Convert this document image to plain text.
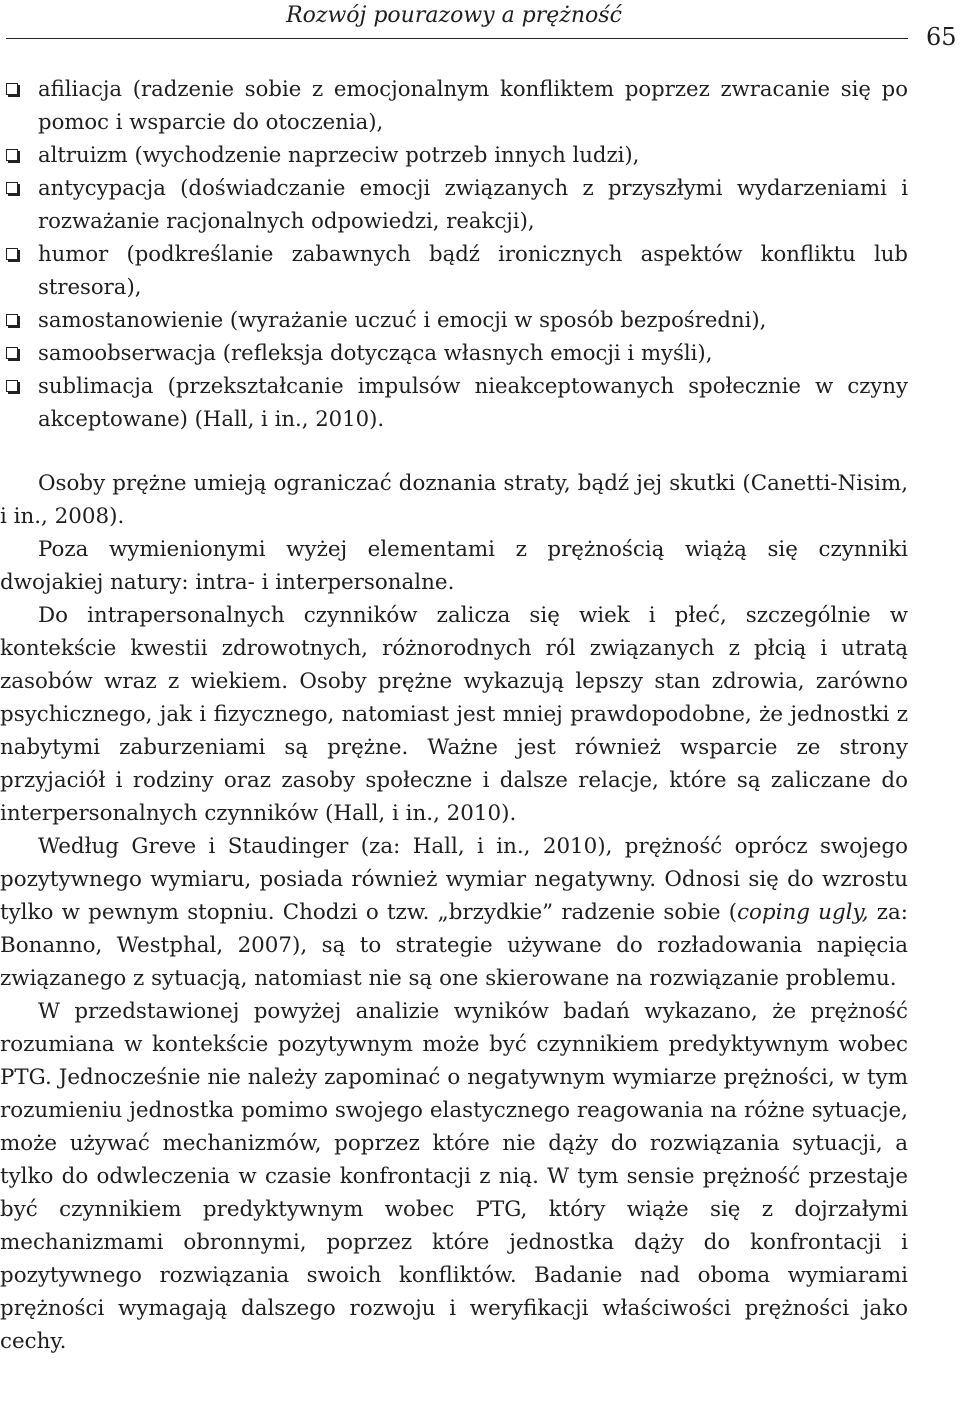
Rozwój pourazowy a prężność
65
afiliacja (radzenie sobie z emocjonalnym konfliktem poprzez zwracanie się po pomoc i wsparcie do otoczenia),
altruizm (wychodzenie naprzeciw potrzeb innych ludzi),
antycypacja (doświadczanie emocji związanych z przyszłymi wydarzeniami i rozważanie racjonalnych odpowiedzi, reakcji),
humor (podkreślanie zabawnych bądź ironicznych aspektów konfliktu lub stresora),
samostanowienie (wyrażanie uczuć i emocji w sposób bezpośredni),
samoobserwacja (refleksja dotycząca własnych emocji i myśli),
sublimacja (przekształcanie impulsów nieakceptowanych społecznie w czyny akceptowane) (Hall, i in., 2010).

Osoby prężne umieją ograniczać doznania straty, bądź jej skutki (Canetti-Nisim, i in., 2008).

Poza wymienionymi wyżej elementami z prężnością wiążą się czynniki dwojakiej natury: intra- i interpersonalne.

Do intrapersonalnych czynników zalicza się wiek i płeć, szczególnie w kontekście kwestii zdrowotnych, różnorodnych ról związanych z płcią i utratą zasobów wraz z wiekiem. Osoby prężne wykazują lepszy stan zdrowia, zarówno psychicznego, jak i fizycznego, natomiast jest mniej prawdopodobne, że jednostki z nabytymi zaburzeniami są prężne. Ważne jest również wsparcie ze strony przyjaciół i rodziny oraz zasoby społeczne i dalsze relacje, które są zaliczane do interpersonalnych czynników (Hall, i in., 2010).

Według Greve i Staudinger (za: Hall, i in., 2010), prężność oprócz swojego pozytywnego wymiaru, posiada również wymiar negatywny. Odnosi się do wzrostu tylko w pewnym stopniu. Chodzi o tzw. „brzydkie” radzenie sobie (coping ugly, za: Bonanno, Westphal, 2007), są to strategie używane do rozładowania napięcia związanego z sytuacją, natomiast nie są one skierowane na rozwiązanie problemu.

W przedstawionej powyżej analizie wyników badań wykazano, że prężność rozumiana w kontekście pozytywnym może być czynnikiem predyktywnym wobec PTG. Jednocześnie nie należy zapominać o negatywnym wymiarze prężności, w tym rozumieniu jednostka pomimo swojego elastycznego reagowania na różne sytuacje, może używać mechanizmów, poprzez które nie dąży do rozwiązania sytuacji, a tylko do odwleczenia w czasie konfrontacji z nią. W tym sensie prężność przestaje być czynnikiem predyktywnym wobec PTG, który wiąże się z dojrzałymi mechanizmami obronnymi, poprzez które jednostka dąży do konfrontacji i pozytywnego rozwiązania swoich konfliktów. Badanie nad oboma wymiarami prężności wymagają dalszego rozwoju i weryfikacji właściwości prężności jako cechy.
